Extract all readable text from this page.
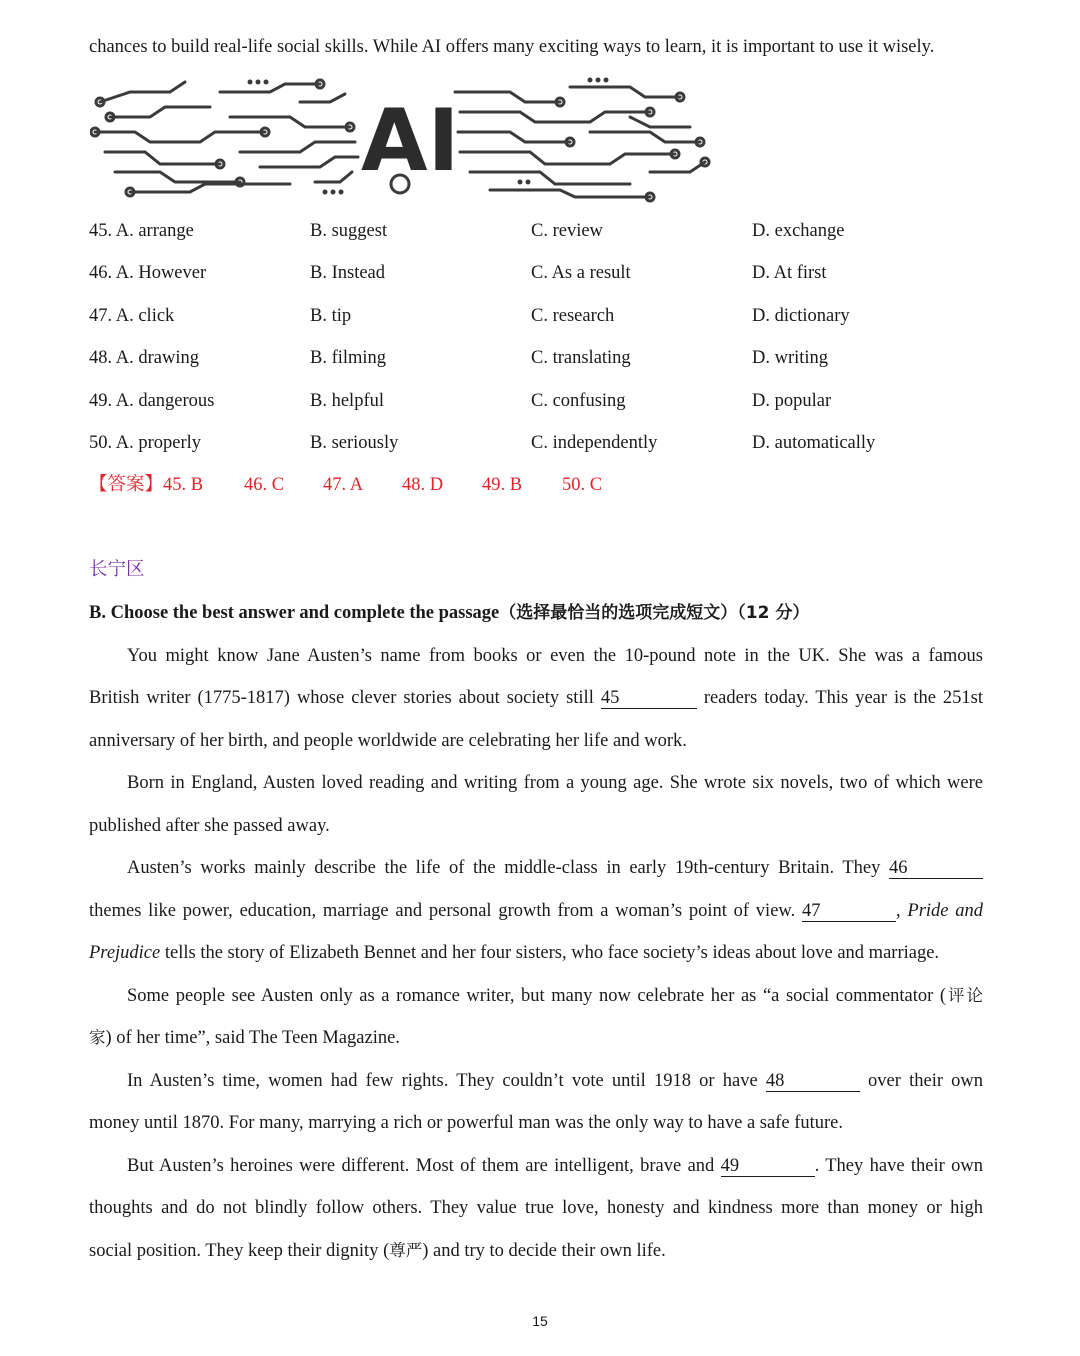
chances to build real-life social skills. While AI offers many exciting ways to learn, it is important to use it wisely.
AI
45. A. arrange	B. suggest	C. review	D. exchange
46. A. However	B. Instead	C. As a result	D. At first
47. A. click	B. tip	C. research	D. dictionary
48. A. drawing	B. filming	C. translating	D. writing
49. A. dangerous	B. helpful	C. confusing	D. popular
50. A. properly	B. seriously	C. independently	D. automatically
【答案】45. B 46. C 47. A 48. D 49. B 50. C
长宁区
B. Choose the best answer and complete the passage（选择最恰当的选项完成短文）（12 分）
You might know Jane Austen’s name from books or even the 10-pound note in the UK. She was a famous
British writer (1775-1817) whose clever stories about society still 45	readers today. This year is the 251st
anniversary of her birth, and people worldwide are celebrating her life and work.
Born in England, Austen loved reading and writing from a young age. She wrote six novels, two of which were
published after she passed away.
Austen’s works mainly describe the life of the middle-class in early 19th-century Britain. They 46
themes like power, education, marriage and personal growth from a woman’s point of view. 47	, Pride and
Prejudice tells the story of Elizabeth Bennet and her four sisters, who face society’s ideas about love and marriage.
Some people see Austen only as a romance writer, but many now celebrate her as “a social commentator (评论
家) of her time”, said The Teen Magazine.
In Austen’s time, women had few rights. They couldn’t vote until 1918 or have 48	over their own
money until 1870. For many, marrying a rich or powerful man was the only way to have a safe future.
But Austen’s heroines were different. Most of them are intelligent, brave and 49	. They have their own
thoughts and do not blindly follow others. They value true love, honesty and kindness more than money or high
social position. They keep their dignity (尊严) and try to decide their own life.
15
